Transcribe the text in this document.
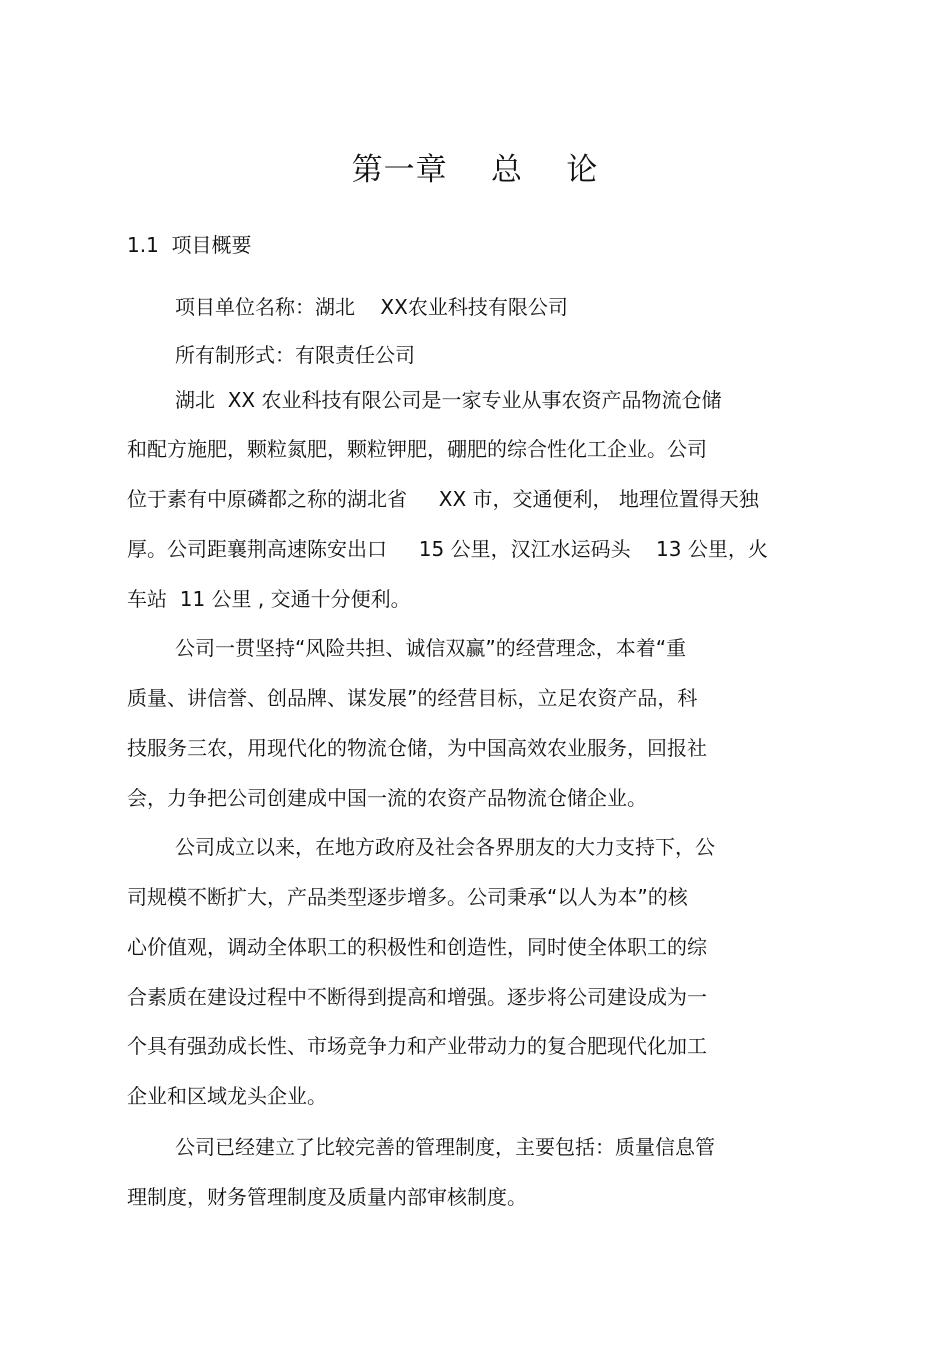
第一章    总    论
1.1  项目概要
项目单位名称：湖北    XX农业科技有限公司
所有制形式：有限责任公司
湖北  XX 农业科技有限公司是一家专业从事农资产品物流仓储
和配方施肥，颗粒氮肥，颗粒钾肥，硼肥的综合性化工企业。公司
位于素有中原磷都之称的湖北省     XX 市，交通便利， 地理位置得天独
厚。公司距襄荆高速陈安出口     15 公里，汉江水运码头    13 公里，火
车站  11 公里 , 交通十分便利。
公司一贯坚持“风险共担、诚信双赢”的经营理念，本着“重
质量、讲信誉、创品牌、谋发展”的经营目标，立足农资产品，科
技服务三农，用现代化的物流仓储，为中国高效农业服务，回报社
会，力争把公司创建成中国一流的农资产品物流仓储企业。
公司成立以来，在地方政府及社会各界朋友的大力支持下，公
司规模不断扩大，产品类型逐步增多。公司秉承“以人为本”的核
心价值观，调动全体职工的积极性和创造性，同时使全体职工的综
合素质在建设过程中不断得到提高和增强。逐步将公司建设成为一
个具有强劲成长性、市场竞争力和产业带动力的复合肥现代化加工
企业和区域龙头企业。
公司已经建立了比较完善的管理制度，主要包括：质量信息管
理制度，财务管理制度及质量内部审核制度。
